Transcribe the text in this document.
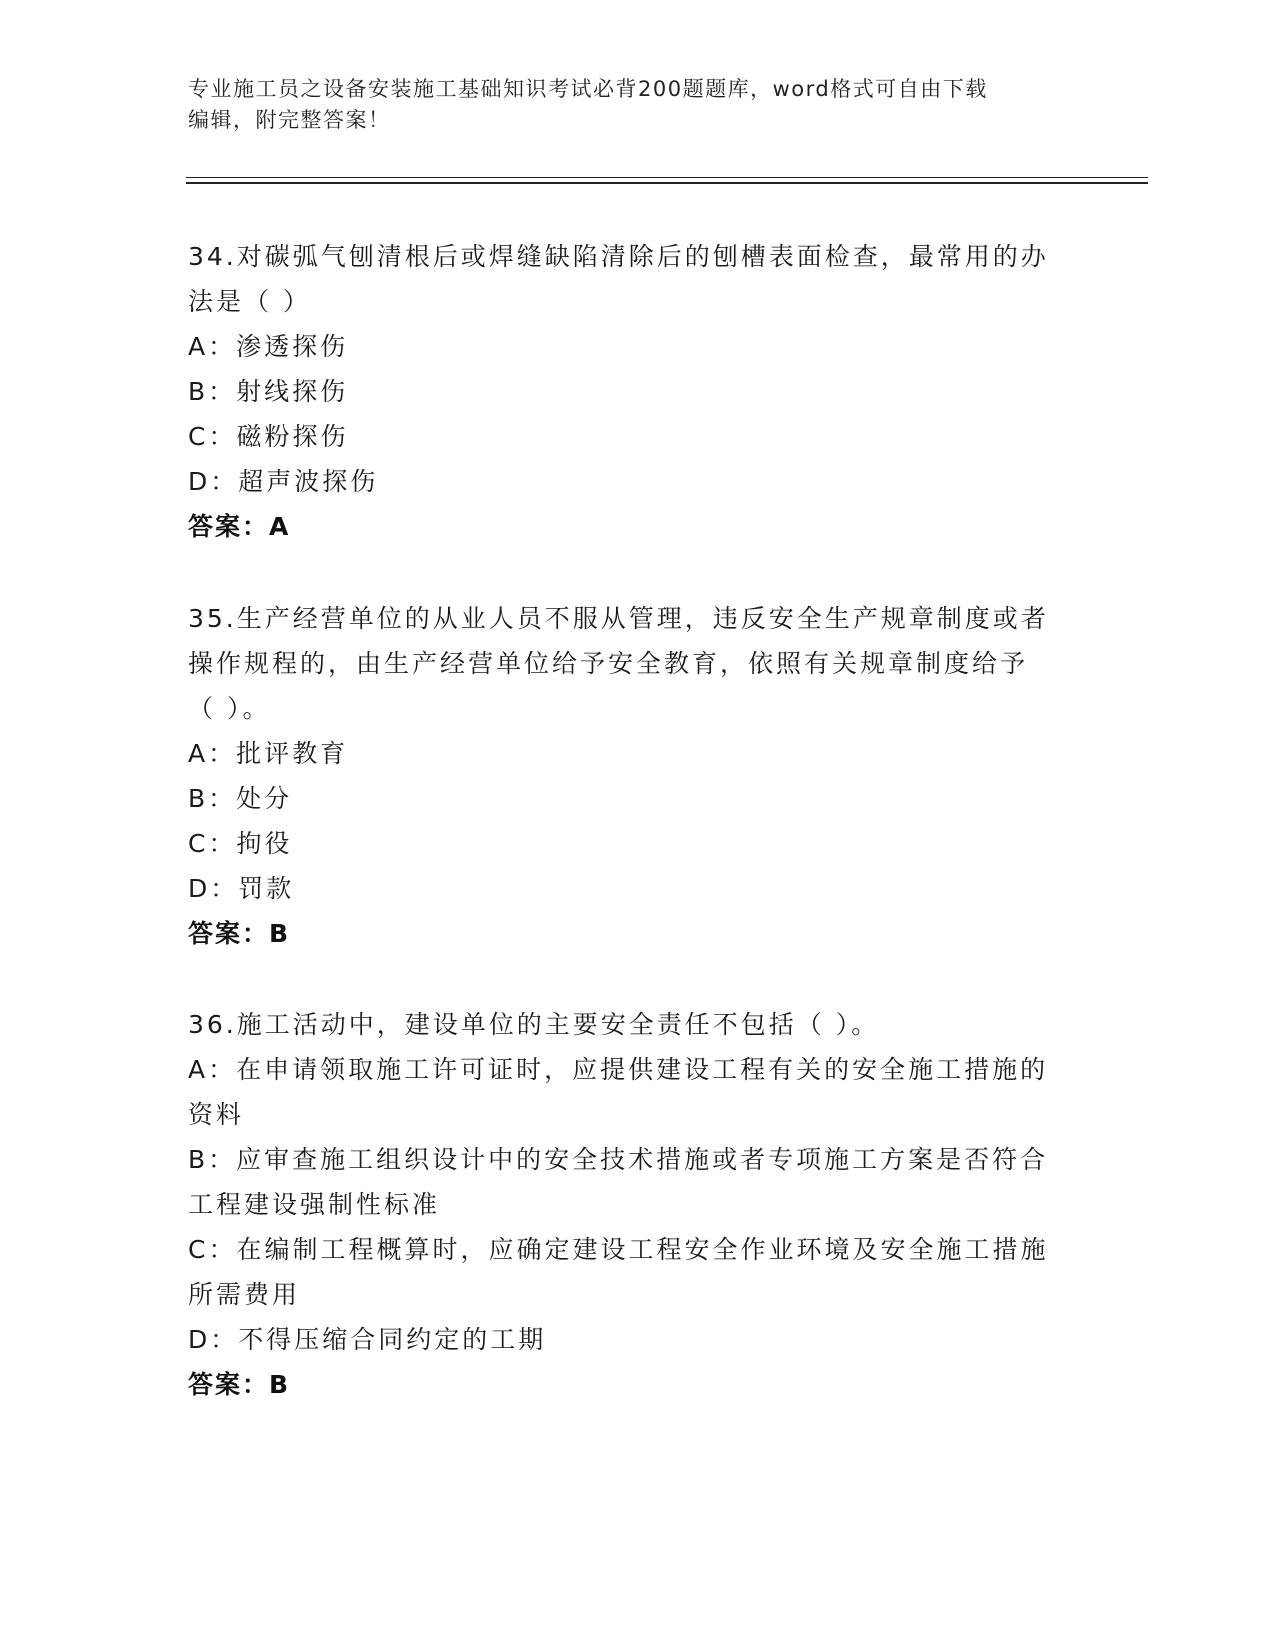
专业施工员之设备安装施工基础知识考试必背200题题库，word格式可自由下载
编辑，附完整答案！
34.对碳弧气刨清根后或焊缝缺陷清除后的刨槽表面检查，最常用的办
法是（ ）
A：渗透探伤
B：射线探伤
C：磁粉探伤
D：超声波探伤
答案：A
35.生产经营单位的从业人员不服从管理，违反安全生产规章制度或者
操作规程的，由生产经营单位给予安全教育，依照有关规章制度给予
（ ）。
A：批评教育
B：处分
C：拘役
D：罚款
答案：B
36.施工活动中，建设单位的主要安全责任不包括（ ）。
A：在申请领取施工许可证时，应提供建设工程有关的安全施工措施的
资料
B：应审查施工组织设计中的安全技术措施或者专项施工方案是否符合
工程建设强制性标准
C：在编制工程概算时，应确定建设工程安全作业环境及安全施工措施
所需费用
D：不得压缩合同约定的工期
答案：B
